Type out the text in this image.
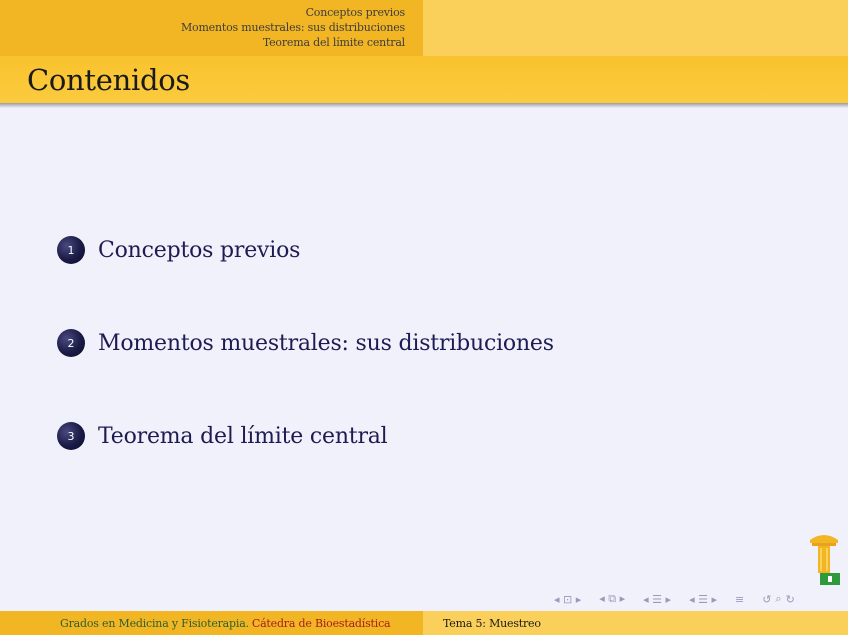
Conceptos previos
Momentos muestrales: sus distribuciones
Teorema del límite central
Contenidos
1	Conceptos previos
2	Momentos muestrales: sus distribuciones
3	Teorema del límite central
◂ ⊡ ▸ ◂ ⧉ ▸ ◂ ☰ ▸ ◂ ☰ ▸ ≡ ↺ ⌕ ↻
Grados en Medicina y Fisioterapia. Cátedra de Bioestadística	Tema 5: Muestreo
